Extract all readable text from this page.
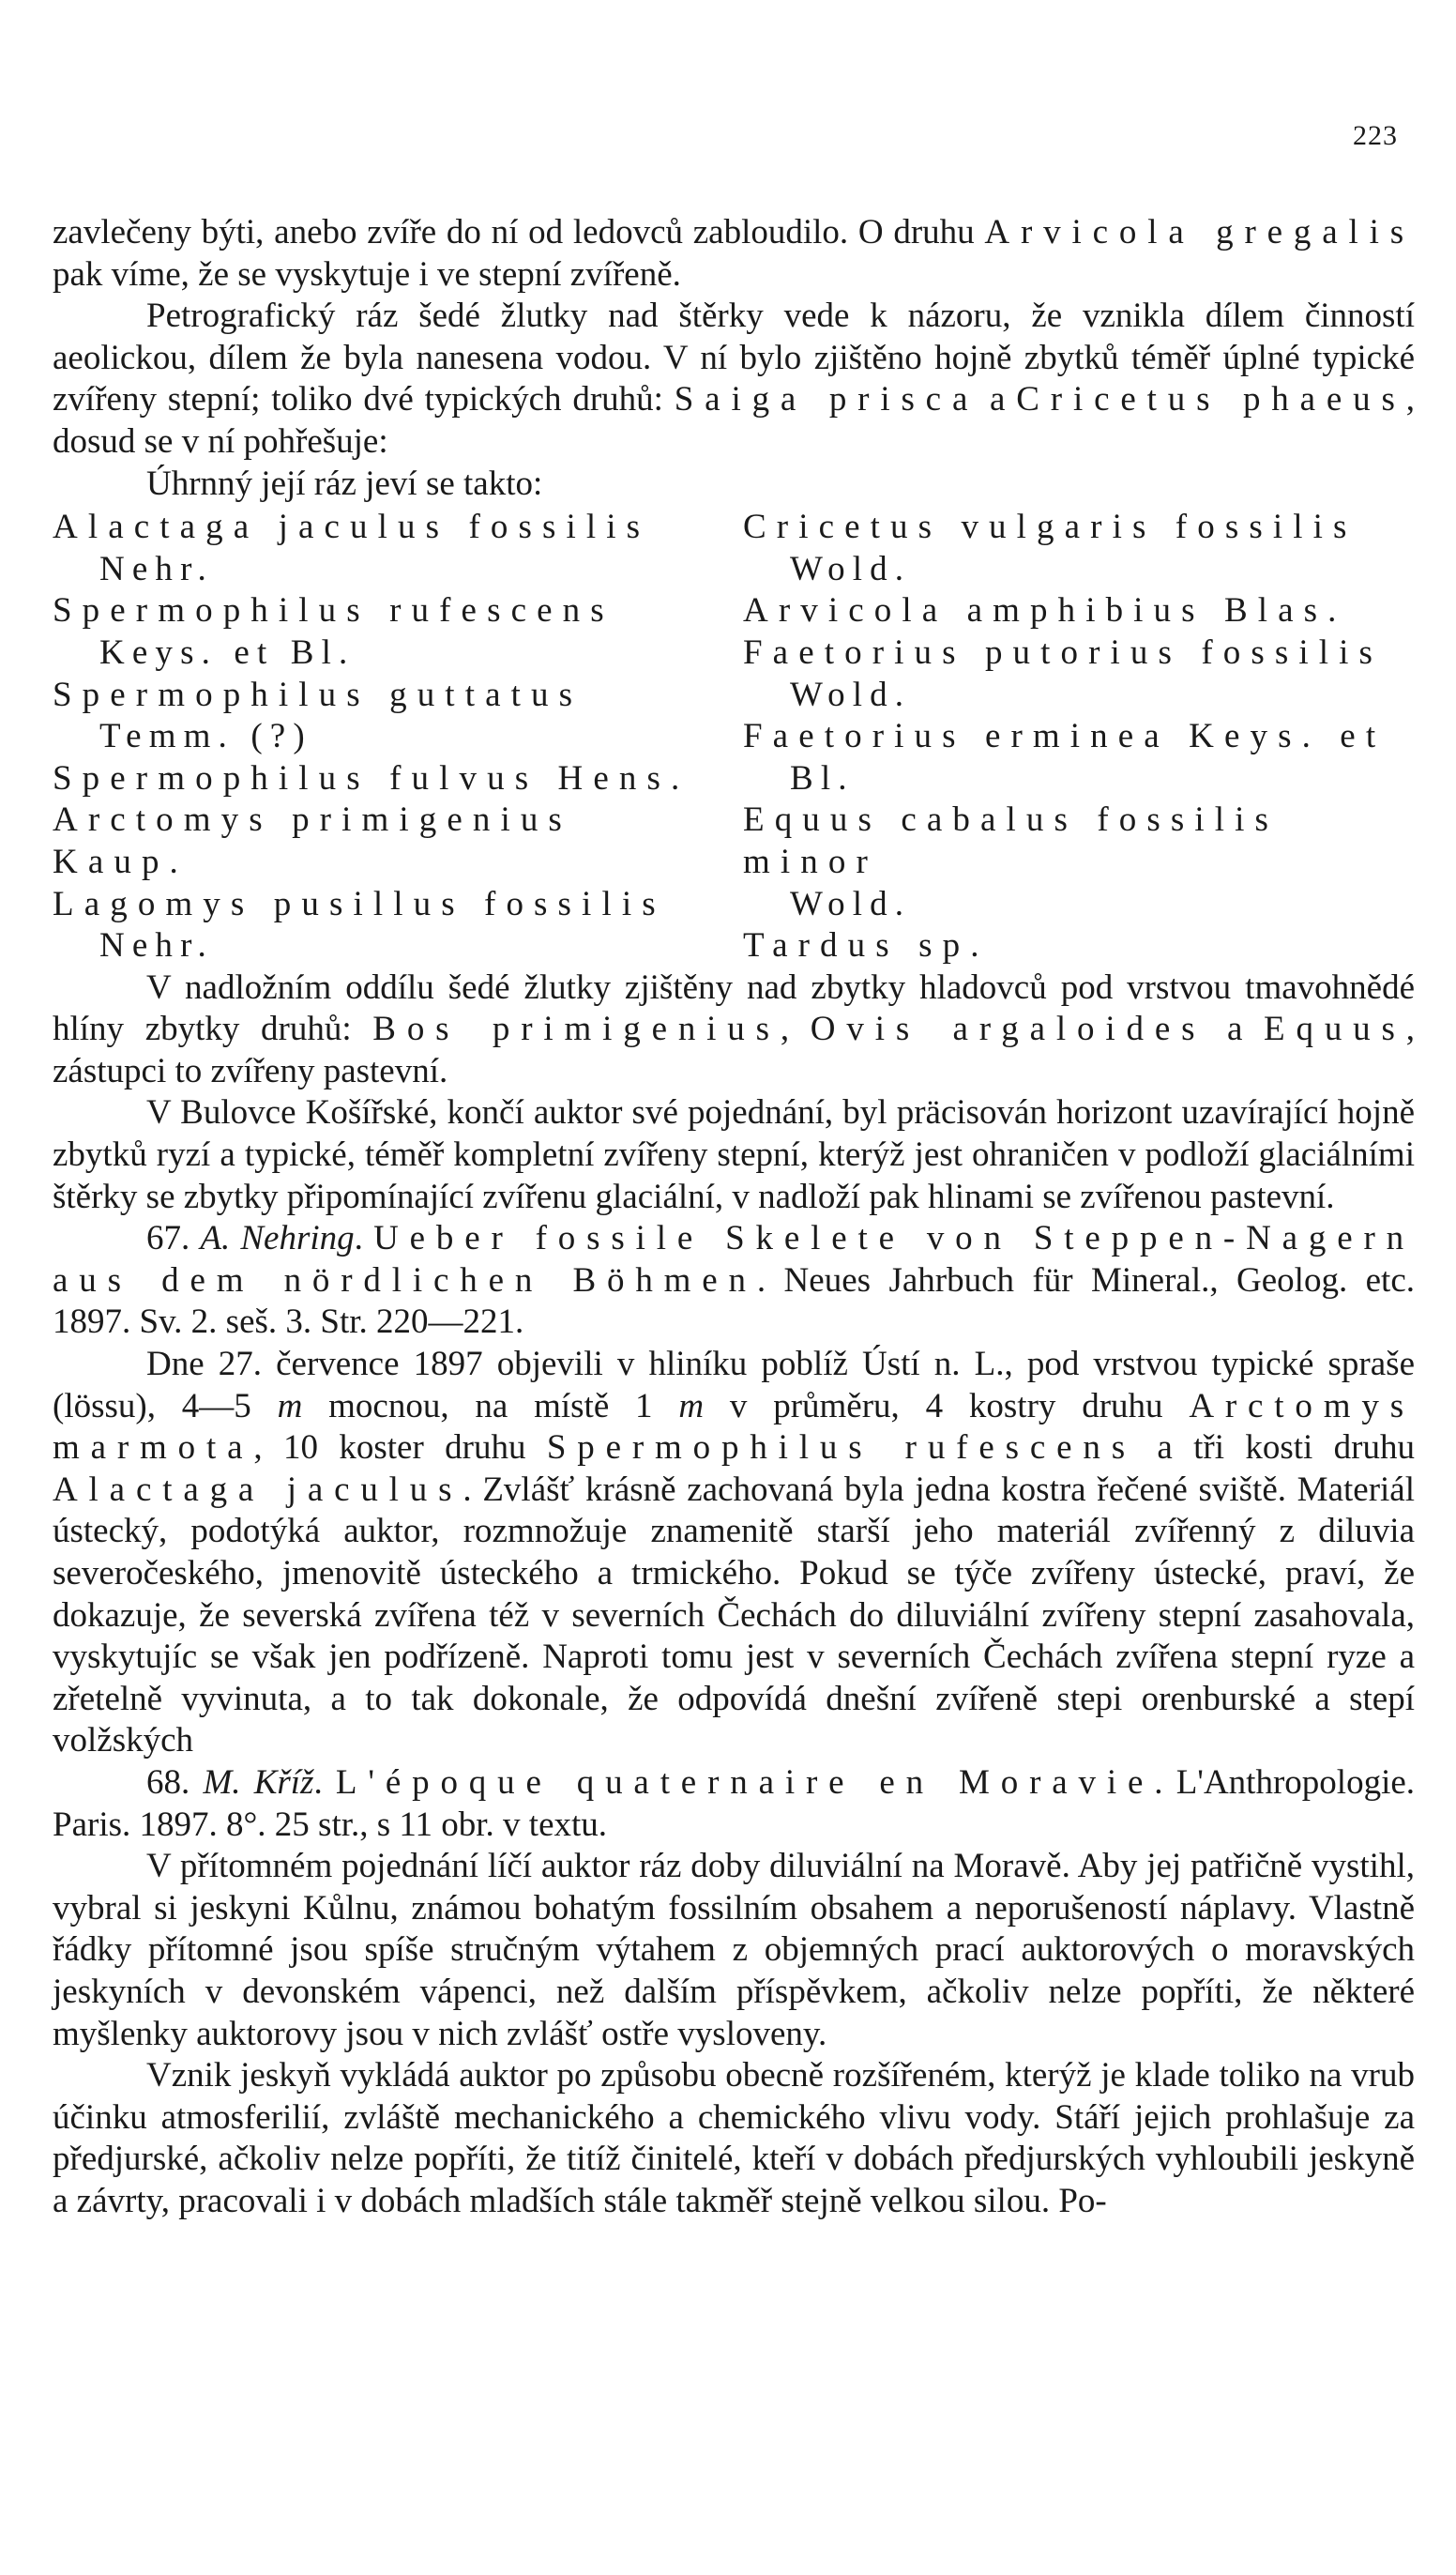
223

zavlečeny býti, anebo zvíře do ní od ledovců zabloudilo. O druhu Arvicola gregalis pak víme, že se vyskytuje i ve stepní zvířeně.

Petrografický ráz šedé žlutky nad štěrky vede k názoru, že vznikla dílem činností aeolickou, dílem že byla nanesena vodou. V ní bylo zjištěno hojně zbytků téměř úplné typické zvířeny stepní; toliko dvé typických druhů: Saiga prisca a Cricetus phaeus, dosud se v ní pohřešuje:

Úhrnný její ráz jeví se takto:

Alactaga jaculus fossilis

Nehr.

Spermophilus rufescens

Keys. et Bl.

Spermophilus guttatus

Temm. (?)

Spermophilus fulvus Hens.

Arctomys primigenius Kaup.

Lagomys pusillus fossilis

Nehr.

Cricetus vulgaris fossilis

Wold.

Arvicola amphibius Blas.

Faetorius putorius fossilis

Wold.

Faetorius erminea Keys. et

Bl.

Equus cabalus fossilis minor

Wold.

Tardus sp.

V nadložním oddílu šedé žlutky zjištěny nad zbytky hladovců pod vrstvou tmavohnědé hlíny zbytky druhů: Bos primigenius, Ovis argaloides a Equus, zástupci to zvířeny pastevní.

V Bulovce Košířské, končí auktor své pojednání, byl präcisován horizont uzavírající hojně zbytků ryzí a typické, téměř kompletní zvířeny stepní, kterýž jest ohraničen v podloží glaciálními štěrky se zbytky připomínající zvířenu glaciální, v nadloží pak hlinami se zvířenou pastevní.

67. A. Nehring. Ueber fossile Skelete von Steppen-Nagern aus dem nördlichen Böhmen. Neues Jahrbuch für Mineral., Geolog. etc. 1897. Sv. 2. seš. 3. Str. 220—221.

Dne 27. července 1897 objevili v hliníku poblíž Ústí n. L., pod vrstvou typické spraše (lössu), 4—5 m mocnou, na místě 1 m v průměru, 4 kostry druhu Arctomys marmota, 10 koster druhu Spermophilus rufescens a tři kosti druhu Alactaga jaculus. Zvlášť krásně zachovaná byla jedna kostra řečené sviště. Materiál ústecký, podotýká auktor, rozmnožuje znamenitě starší jeho materiál zvířenný z diluvia severočeského, jmenovitě ústeckého a trmického. Pokud se týče zvířeny ústecké, praví, že dokazuje, že severská zvířena též v severních Čechách do diluviální zvířeny stepní zasahovala, vyskytujíc se však jen podřízeně. Naproti tomu jest v severních Čechách zvířena stepní ryze a zřetelně vyvinuta, a to tak dokonale, že odpovídá dnešní zvířeně stepi orenburské a stepí volžských

68. M. Kříž. L'époque quaternaire en Moravie. L'Anthropologie. Paris. 1897. 8°. 25 str., s 11 obr. v textu.

V přítomném pojednání líčí auktor ráz doby diluviální na Moravě. Aby jej patřičně vystihl, vybral si jeskyni Kůlnu, známou bohatým fossilním obsahem a neporušeností náplavy. Vlastně řádky přítomné jsou spíše stručným výtahem z objemných prací auktorových o moravských jeskyních v devonském vápenci, než dalším příspěvkem, ačkoliv nelze popříti, že některé myšlenky auktorovy jsou v nich zvlášť ostře vysloveny.

Vznik jeskyň vykládá auktor po způsobu obecně rozšířeném, kterýž je klade toliko na vrub účinku atmosferilií, zvláště mechanického a chemického vlivu vody. Stáří jejich prohlašuje za předjurské, ačkoliv nelze popříti, že titíž činitelé, kteří v dobách předjurských vyhloubili jeskyně a závrty, pracovali i v dobách mladších stále takměř stejně velkou silou. Po-
